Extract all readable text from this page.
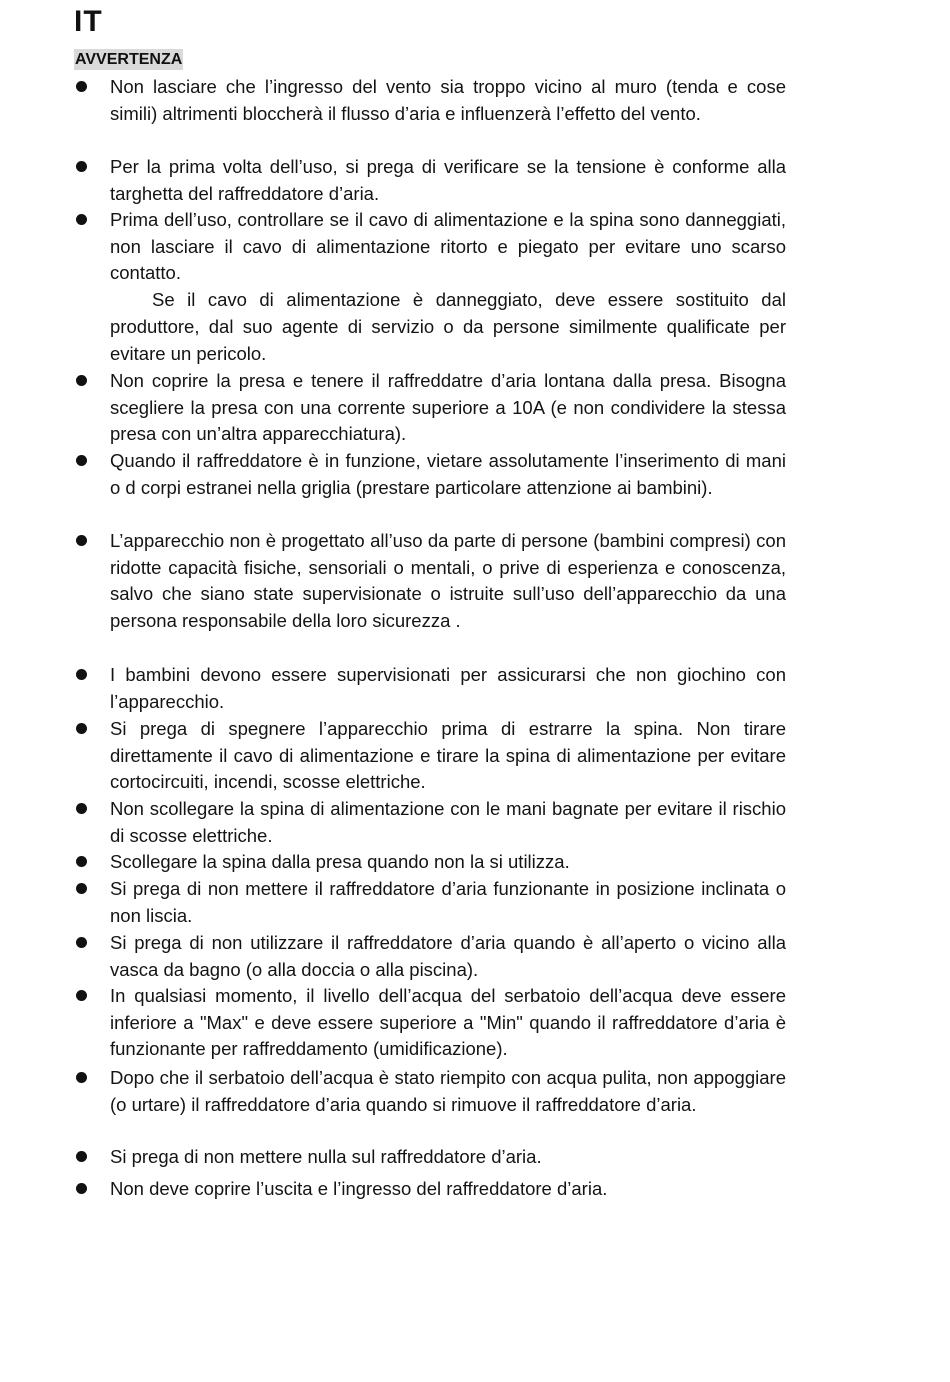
IT
AVVERTENZA
Non lasciare che l’ingresso del vento sia troppo vicino al muro (tenda e cose simili) altrimenti bloccherà il flusso d’aria e influenzerà l’effetto del vento.
Per la prima volta dell’uso, si prega di verificare se la tensione è conforme alla targhetta del raffreddatore d’aria.
Prima dell’uso, controllare se il cavo di alimentazione e la spina sono danneggiati, non lasciare il cavo di alimentazione ritorto e piegato per evitare uno scarso contatto.
Se il cavo di alimentazione è danneggiato, deve essere sostituito dal produttore, dal suo agente di servizio o da persone similmente qualificate per evitare un pericolo.
Non coprire la presa e tenere il raffreddatre d’aria lontana dalla presa. Bisogna scegliere la presa con una corrente superiore a 10A (e non condividere la stessa presa con un’altra apparecchiatura).
Quando il raffreddatore è in funzione, vietare assolutamente l’inserimento di mani o d corpi estranei nella griglia (prestare particolare attenzione ai bambini).
L’apparecchio non è progettato all’uso da parte di persone (bambini compresi) con ridotte capacità fisiche, sensoriali o mentali, o prive di esperienza e conoscenza, salvo che siano state supervisionate o istruite sull’uso dell’apparecchio da una persona responsabile della loro sicurezza .
I bambini devono essere supervisionati per assicurarsi che non giochino con l’apparecchio.
Si prega di spegnere l’apparecchio prima di estrarre la spina. Non tirare direttamente il cavo di alimentazione e tirare la spina di alimentazione per evitare cortocircuiti, incendi, scosse elettriche.
Non scollegare la spina di alimentazione con le mani bagnate per evitare il rischio di scosse elettriche.
Scollegare la spina dalla presa quando non la si utilizza.
Si prega di non mettere il raffreddatore d’aria funzionante in posizione inclinata o non liscia.
Si prega di non utilizzare il raffreddatore d’aria quando è all’aperto o vicino alla vasca da bagno (o alla doccia o alla piscina).
In qualsiasi momento, il livello dell’acqua del serbatoio dell’acqua deve essere inferiore a "Max" e deve essere superiore a "Min" quando il raffreddatore d’aria è funzionante per raffreddamento (umidificazione).
Dopo che il serbatoio dell’acqua è stato riempito con acqua pulita, non appoggiare (o urtare) il raffreddatore d’aria quando si rimuove il raffreddatore d’aria.
Si prega di non mettere nulla sul raffreddatore d’aria.
Non deve coprire l’uscita e l’ingresso del raffreddatore d’aria.
